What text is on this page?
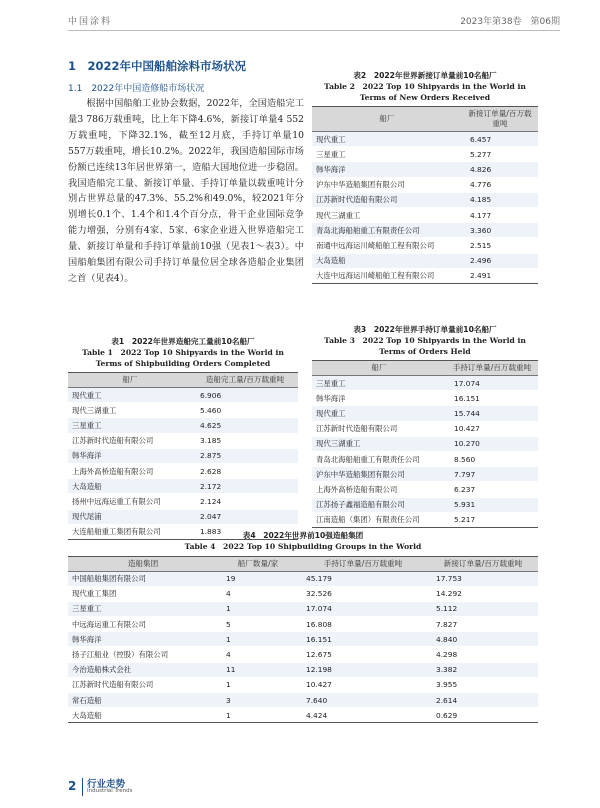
中国涂料	2023年第38卷　第06期
1　2022年中国船舶涂料市场状况
1.1　2022年中国造修船市场状况

根据中国船舶工业协会数据，2022年，全国造船完工量3 786万载重吨，比上年下降4.6%，新接订单量4 552万载重吨，下降32.1%，截至12月底，手持订单量10 557万载重吨，增长10.2%。2022年，我国造船国际市场份额已连续13年居世界第一，造船大国地位进一步稳固。我国造船完工量、新接订单量、手持订单量以载重吨计分别占世界总量的47.3%、55.2%和49.0%，较2021年分别增长0.1个、1.4个和1.4个百分点，骨干企业国际竞争能力增强，分别有4家、5家、6家企业进入世界造船完工量、新接订单量和手持订单量前10强（见表1～表3）。中国船舶集团有限公司手持订单量位居全球各造船企业集团之首（见表4）。

表2　2022年世界新接订单量前10名船厂
Table 2　2022 Top 10 Shipyards in the World in Terms of New Orders Received
船厂	新接订单量/百万载重吨
现代重工	6.457
三星重工	5.277
韩华海洋	4.826
沪东中华造船集团有限公司	4.776
江苏新时代造船有限公司	4.185
现代三湖重工	4.177
青岛北海船舶重工有限责任公司	3.360
南通中远海运川崎船舶工程有限公司	2.515
大岛造船	2.496
大连中远海运川崎船舶工程有限公司	2.491
表1　2022年世界造船完工量前10名船厂
Table 1　2022 Top 10 Shipyards in the World in Terms of Shipbuilding Orders Completed
船厂	造船完工量/百万载重吨
现代重工	6.906
现代三湖重工	5.460
三星重工	4.625
江苏新时代造船有限公司	3.185
韩华海洋	2.875
上海外高桥造船有限公司	2.628
大岛造船	2.172
扬州中远海运重工有限公司	2.124
现代尾浦	2.047
大连船舶重工集团有限公司	1.883
表3　2022年世界手持订单量前10名船厂
Table 3　2022 Top 10 Shipyards in the World in Terms of Orders Held
船厂	手持订单量/百万载重吨
三星重工	17.074
韩华海洋	16.151
现代重工	15.744
江苏新时代造船有限公司	10.427
现代三湖重工	10.270
青岛北海船舶重工有限责任公司	8.560
沪东中华造船集团有限公司	7.797
上海外高桥造船有限公司	6.237
江苏扬子鑫福造船有限公司	5.931
江南造船（集团）有限责任公司	5.217
表4　2022年世界前10强造船集团
Table 4　2022 Top 10 Shipbuilding Groups in the World
造船集团	船厂数量/家	手持订单量/百万载重吨	新接订单量/百万载重吨
中国船舶集团有限公司	19	45.179	17.753
现代重工集团	4	32.526	14.292
三星重工	1	17.074	5.112
中远海运重工有限公司	5	16.808	7.827
韩华海洋	1	16.151	4.840
扬子江船业（控股）有限公司	4	12.675	4.298
今治造船株式会社	11	12.198	3.382
江苏新时代造船有限公司	1	10.427	3.955
常石造船	3	7.640	2.614
大岛造船	1	4.424	0.629
2 行业走势
Industrial Trends
